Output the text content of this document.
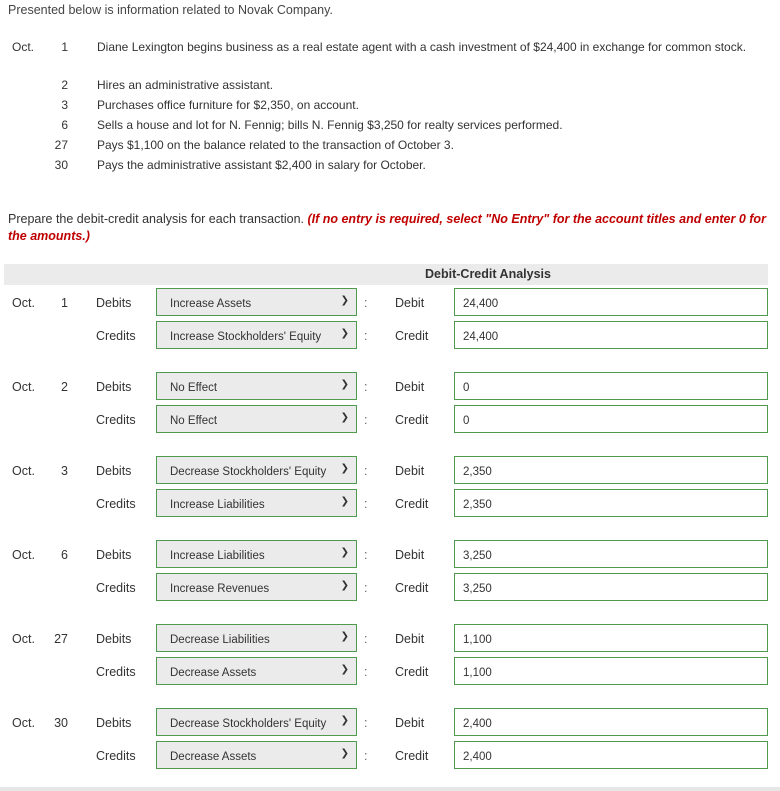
Presented below is information related to Novak Company.
Oct.	1 Diane Lexington begins business as a real estate agent with a cash investment of $24,400 in exchange for common stock.
2 Hires an administrative assistant.
3 Purchases office furniture for $2,350, on account.
6 Sells a house and lot for N. Fennig; bills N. Fennig $3,250 for realty services performed.
27 Pays $1,100 on the balance related to the transaction of October 3.
30 Pays the administrative assistant $2,400 in salary for October.
Prepare the debit-credit analysis for each transaction. (If no entry is required, select "No Entry" for the account titles and enter 0 for the amounts.)
Debit-Credit Analysis
Oct.	1 Debits	Increase Assets	❯ : Debit	24,400
Credits	Increase Stockholders' Equity ❯ : Credit	24,400
Oct.	2 Debits	No Effect	❯ : Debit	0
Credits	No Effect	❯ : Credit	0
Oct.	3 Debits	Decrease Stockholders' Equity ❯ : Debit	2,350
Credits	Increase Liabilities	❯ : Credit	2,350
Oct.	6 Debits	Increase Liabilities	❯ : Debit	3,250
Credits	Increase Revenues	❯ : Credit	3,250
Oct.	27 Debits	Decrease Liabilities	❯ : Debit	1,100
Credits	Decrease Assets	❯ : Credit	1,100
Oct.	30 Debits	Decrease Stockholders' Equity ❯ : Debit	2,400
Credits	Decrease Assets	❯ : Credit	2,400
